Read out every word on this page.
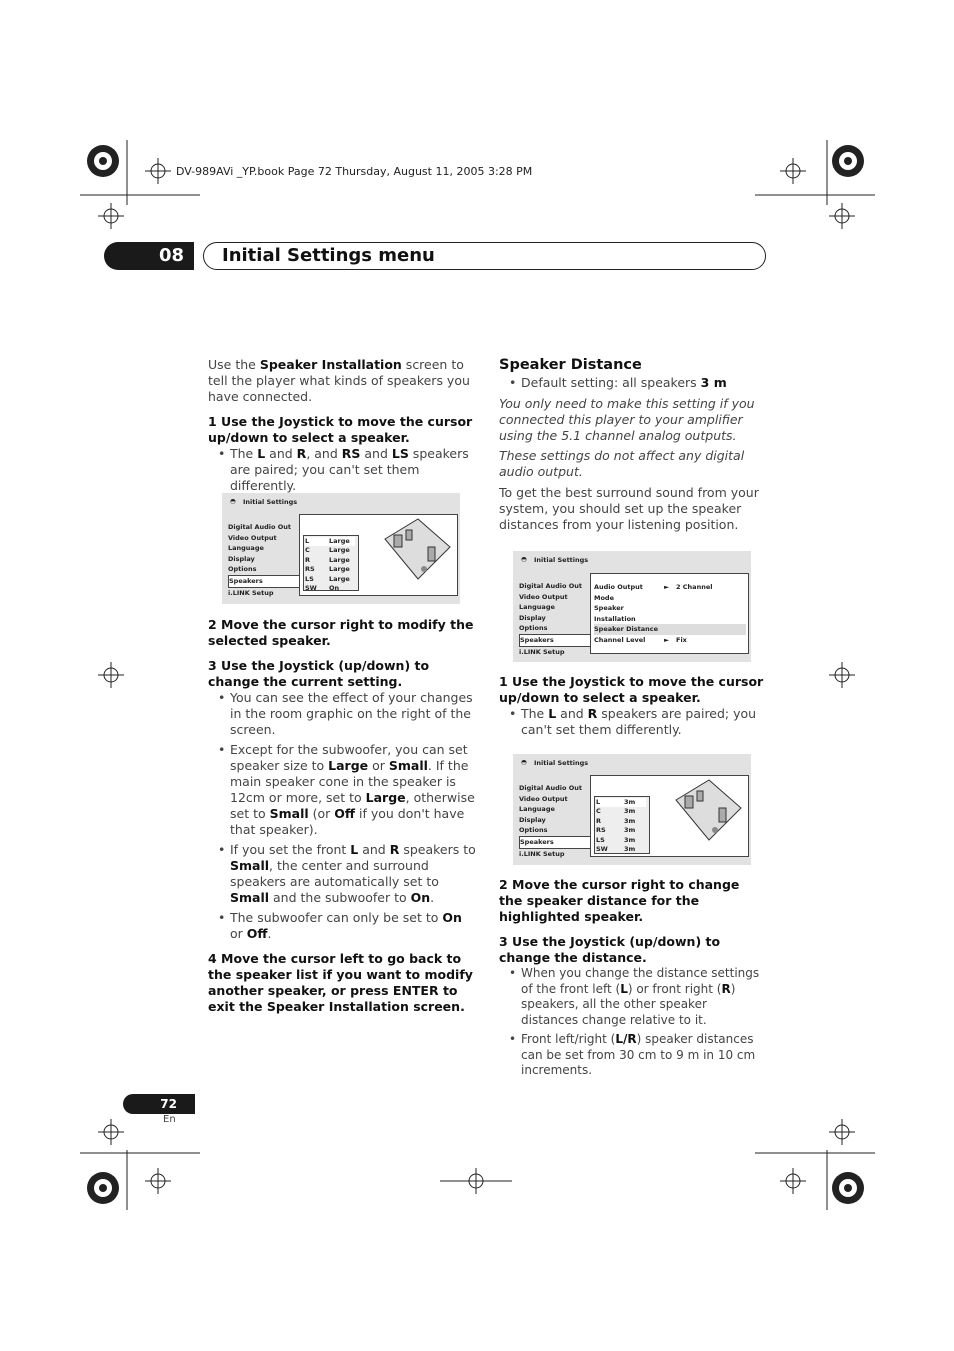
DV-989AVi _YP.book Page 72 Thursday, August 11, 2005 3:28 PM
08	Initial Settings menu
Use the Speaker Installation screen to tell the player what kinds of speakers you have connected.
1 Use the Joystick to move the cursor up/down to select a speaker.
• The L and R, and RS and LS speakers are paired; you can't set them differently.
◓ Initial Settings
Digital Audio Out
Video Output
Language
Display
Options
Speakers
i.LINK Setup
L	Large
C	Large
R	Large
RS	Large
LS	Large
SW	On
2 Move the cursor right to modify the selected speaker.
3 Use the Joystick (up/down) to change the current setting.
• You can see the effect of your changes in the room graphic on the right of the screen.
• Except for the subwoofer, you can set speaker size to Large or Small. If the main speaker cone in the speaker is 12cm or more, set to Large, otherwise set to Small (or Off if you don't have that speaker).
• If you set the front L and R speakers to Small, the center and surround speakers are automatically set to Small and the subwoofer to On.
• The subwoofer can only be set to On or Off.
4 Move the cursor left to go back to the speaker list if you want to modify another speaker, or press ENTER to exit the Speaker Installation screen.
Speaker Distance
• Default setting: all speakers 3 m
You only need to make this setting if you connected this player to your amplifier using the 5.1 channel analog outputs.
These settings do not affect any digital audio output.
To get the best surround sound from your system, you should set up the speaker distances from your listening position.
◓ Initial Settings
Digital Audio Out
Video Output
Language
Display
Options
Speakers
i.LINK Setup
Audio Output Mode
►	2 Channel
Speaker Installation
Speaker Distance
Channel Level	►	Fix
1 Use the Joystick to move the cursor up/down to select a speaker.
• The L and R speakers are paired; you can't set them differently.
◓ Initial Settings
Digital Audio Out
Video Output
Language
Display
Options
Speakers
i.LINK Setup
L	3m
C	3m
R	3m
RS	3m
LS	3m
SW	3m
2 Move the cursor right to change the speaker distance for the highlighted speaker.
3 Use the Joystick (up/down) to change the distance.
• When you change the distance settings of the front left (L) or front right (R) speakers, all the other speaker distances change relative to it.
• Front left/right (L/R) speaker distances can be set from 30 cm to 9 m in 10 cm increments.
72
En
